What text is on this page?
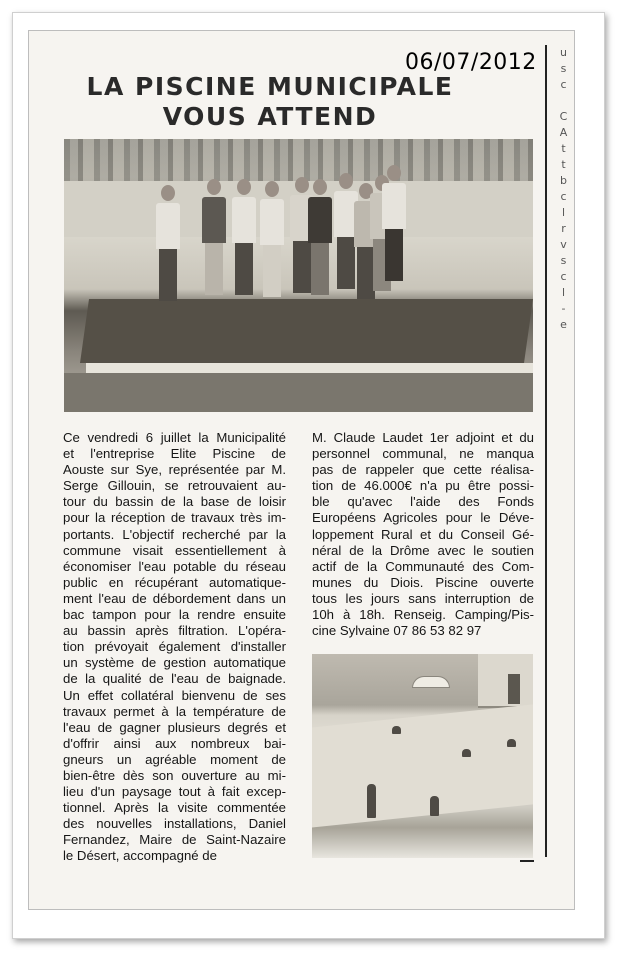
u
s
c

C
A
t
t
b
c
l
r
v
s
c
l
-
e
06/07/2012
LA PISCINE MUNICIPALE
VOUS ATTEND
Ce vendredi 6 juillet la Municipalité
et l'entreprise Elite Piscine de
Aouste sur Sye, représentée par M.
Serge Gillouin, se retrouvaient au-
tour du bassin de la base de loisir
pour la réception de travaux très im-
portants. L'objectif recherché par la
commune visait essentiellement à
économiser l'eau potable du réseau
public en récupérant automatique-
ment l'eau de débordement dans un
bac tampon pour la rendre ensuite
au bassin après filtration. L'opéra-
tion prévoyait également d'installer
un système de gestion automatique
de la qualité de l'eau de baignade.
Un effet collatéral bienvenu de ses
travaux permet à la température de
l'eau de gagner plusieurs degrés et
d'offrir ainsi aux nombreux bai-
gneurs un agréable moment de
bien-être dès son ouverture au mi-
lieu d'un paysage tout à fait excep-
tionnel. Après la visite commentée
des nouvelles installations, Daniel
Fernandez, Maire de Saint-Nazaire
le Désert, accompagné de
M. Claude Laudet 1er adjoint et du
personnel communal, ne manqua
pas de rappeler que cette réalisa-
tion de 46.000€ n'a pu être possi-
ble qu'avec l'aide des Fonds
Européens Agricoles pour le Déve-
loppement Rural et du Conseil Gé-
néral de la Drôme avec le soutien
actif de la Communauté des Com-
munes du Diois. Piscine ouverte
tous les jours sans interruption de
10h à 18h. Renseig. Camping/Pis-
cine Sylvaine 07 86 53 82 97
